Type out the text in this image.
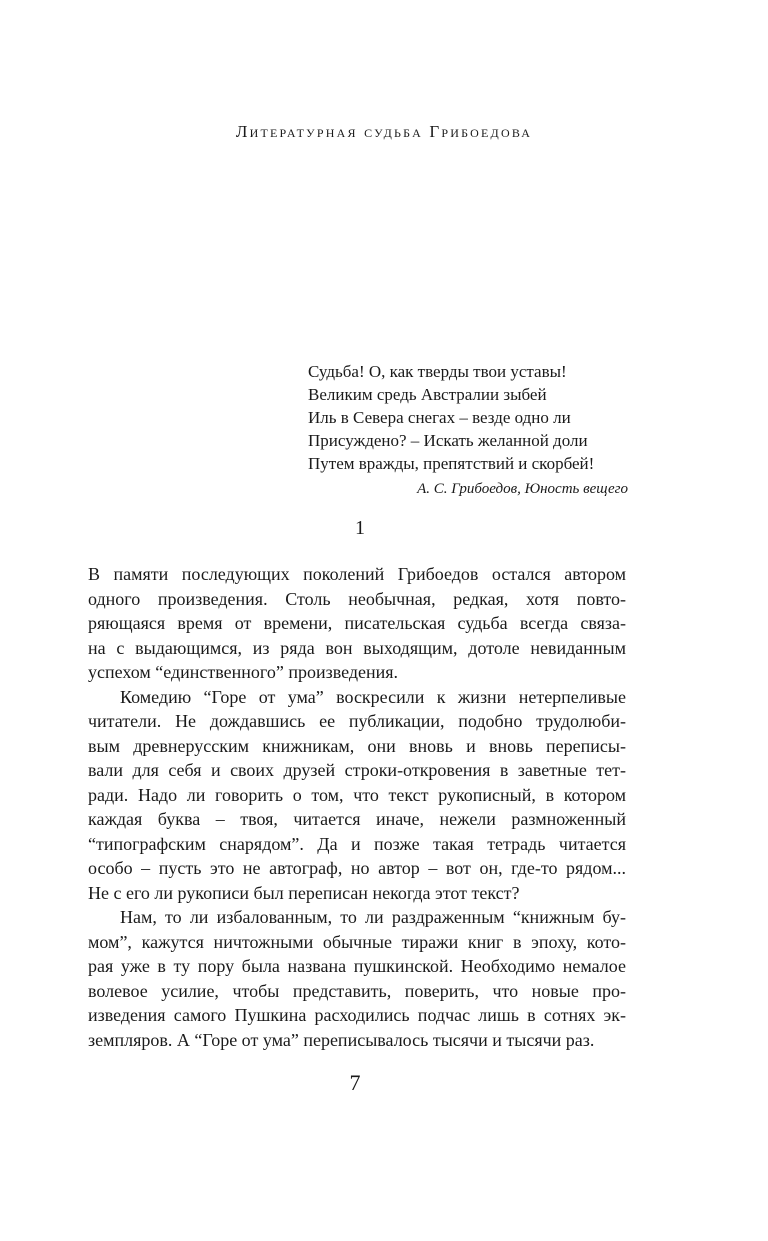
Литературная судьба Грибоедова
Судьба! О, как тверды твои уставы!
Великим средь Австралии зыбей
Иль в Севера снегах – везде одно ли
Присуждено? – Искать желанной доли
Путем вражды, препятствий и скорбей!
А. С. Грибоедов, Юность вещего
1
В памяти последующих поколений Грибоедов остался автором
одного произведения. Столь необычная, редкая, хотя повто-
ряющаяся время от времени, писательская судьба всегда связа-
на с выдающимся, из ряда вон выходящим, дотоле невиданным
успехом “единственного” произведения.
Комедию “Горе от ума” воскресили к жизни нетерпеливые
читатели. Не дождавшись ее публикации, подобно трудолюби-
вым древнерусским книжникам, они вновь и вновь переписы-
вали для себя и своих друзей строки-откровения в заветные тет-
ради. Надо ли говорить о том, что текст рукописный, в котором
каждая буква – твоя, читается иначе, нежели размноженный
“типографским снарядом”. Да и позже такая тетрадь читается
особо – пусть это не автограф, но автор – вот он, где-то рядом...
Не с его ли рукописи был переписан некогда этот текст?
Нам, то ли избалованным, то ли раздраженным “книжным бу-
мом”, кажутся ничтожными обычные тиражи книг в эпоху, кото-
рая уже в ту пору была названа пушкинской. Необходимо немалое
волевое усилие, чтобы представить, поверить, что новые про-
изведения самого Пушкина расходились подчас лишь в сотнях эк-
земпляров. А “Горе от ума” переписывалось тысячи и тысячи раз.
7
